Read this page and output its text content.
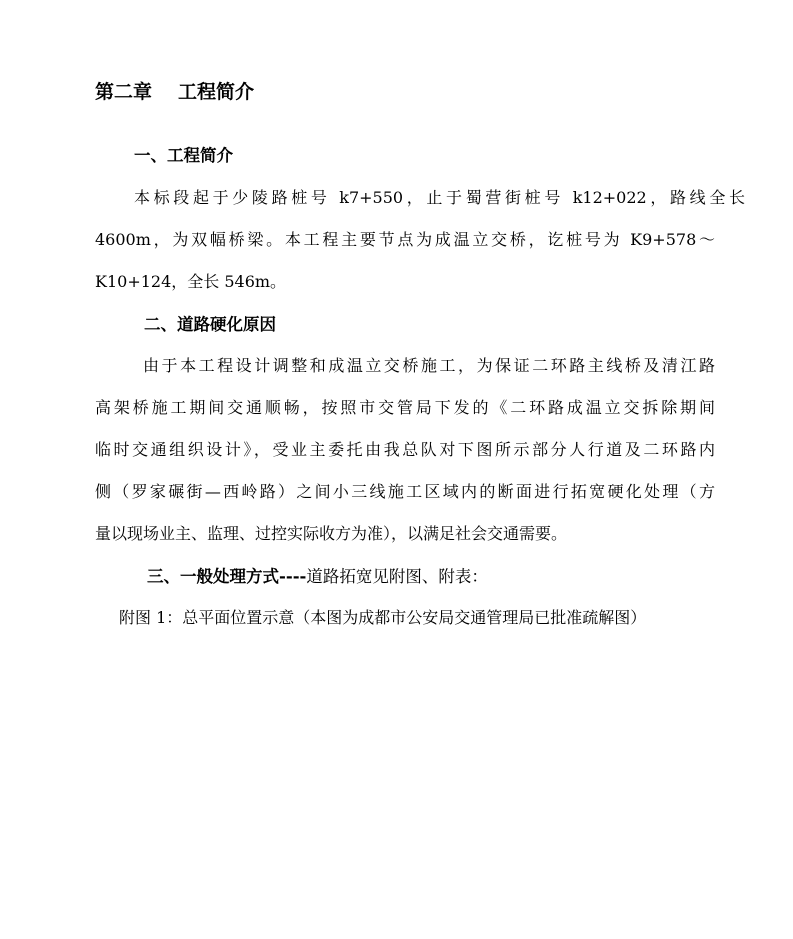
第二章 工程简介
一、工程简介
本标段起于少陵路桩号 k7+550，止于蜀营街桩号 k12+022，路线全长
4600m，为双幅桥梁。本工程主要节点为成温立交桥，讫桩号为 K9+578～
K10+124，全长 546m。
二、道路硬化原因
由于本工程设计调整和成温立交桥施工，为保证二环路主线桥及清江路
高架桥施工期间交通顺畅，按照市交管局下发的《二环路成温立交拆除期间
临时交通组织设计》，受业主委托由我总队对下图所示部分人行道及二环路内
侧（罗家碾街—西岭路）之间小三线施工区域内的断面进行拓宽硬化处理（方
量以现场业主、监理、过控实际收方为准），以满足社会交通需要。
三、一般处理方式----道路拓宽见附图、附表：
附图 1：总平面位置示意（本图为成都市公安局交通管理局已批准疏解图）
